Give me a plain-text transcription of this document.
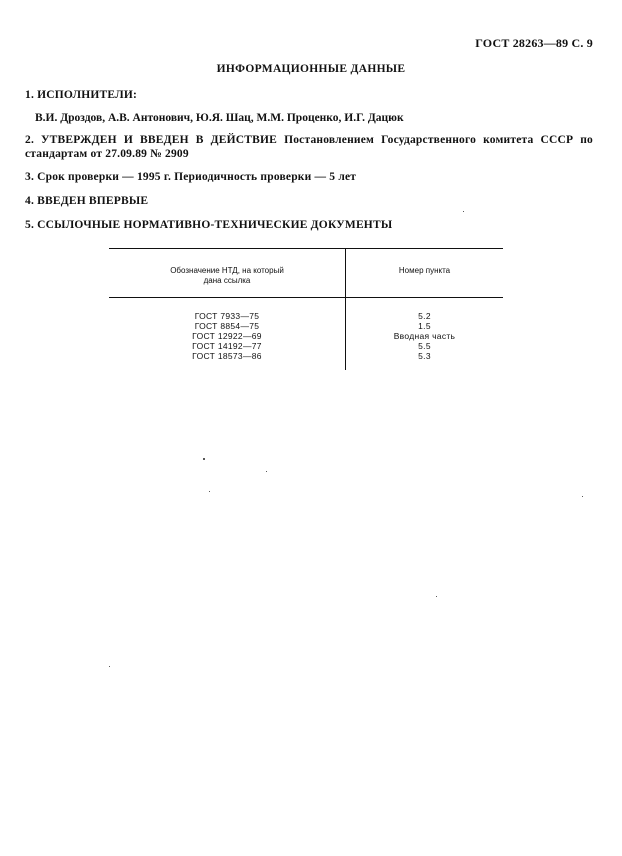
ГОСТ 28263—89 С. 9
ИНФОРМАЦИОННЫЕ ДАННЫЕ
1. ИСПОЛНИТЕЛИ:
В.И. Дроздов, А.В. Антонович, Ю.Я. Шац, М.М. Проценко, И.Г. Дацюк
2. УТВЕРЖДЕН И ВВЕДЕН В ДЕЙСТВИЕ Постановлением Государственного комитета СССР по стандартам от 27.09.89 № 2909
3. Срок проверки — 1995 г. Периодичность проверки — 5 лет
4. ВВЕДЕН ВПЕРВЫЕ
5. ССЫЛОЧНЫЕ НОРМАТИВНО-ТЕХНИЧЕСКИЕ ДОКУМЕНТЫ
Обозначение НТД, на который
дана ссылка
Номер пункта
ГОСТ 7933—75
ГОСТ 8854—75
ГОСТ 12922—69
ГОСТ 14192—77
ГОСТ 18573—86
5.2
1.5
Вводная часть
5.5
5.3
